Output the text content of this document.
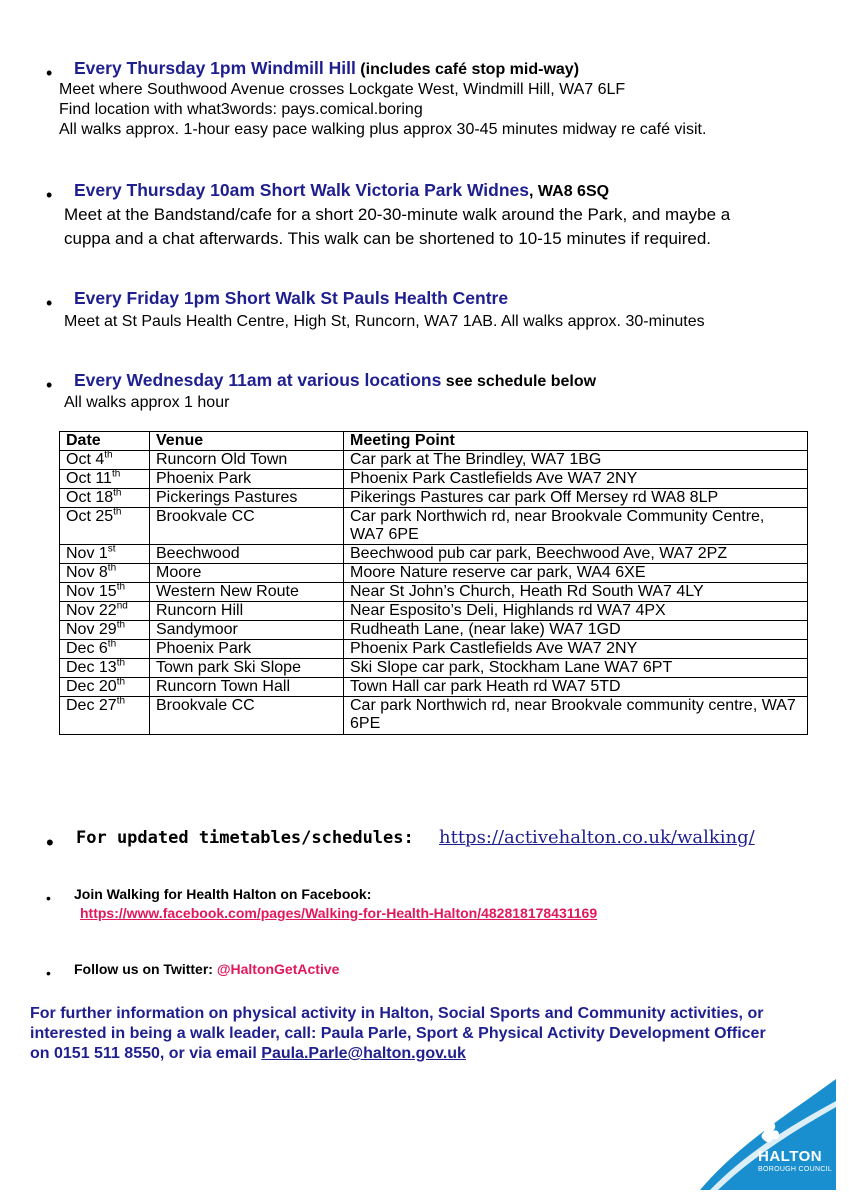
• Every Thursday 1pm Windmill Hill (includes café stop mid-way)
Meet where Southwood Avenue crosses Lockgate West, Windmill Hill, WA7 6LF
Find location with what3words: pays.comical.boring
All walks approx. 1-hour easy pace walking plus approx 30-45 minutes midway re café visit.
• Every Thursday 10am Short Walk Victoria Park Widnes, WA8 6SQ
Meet at the Bandstand/cafe for a short 20-30-minute walk around the Park, and maybe a
cuppa and a chat afterwards. This walk can be shortened to 10-15 minutes if required.
• Every Friday 1pm Short Walk St Pauls Health Centre
Meet at St Pauls Health Centre, High St, Runcorn, WA7 1AB. All walks approx. 30-minutes
• Every Wednesday 11am at various locations see schedule below
All walks approx 1 hour
Date	Venue	Meeting Point
Oct 4th	Runcorn Old Town	Car park at The Brindley, WA7 1BG
Oct 11th	Phoenix Park	Phoenix Park Castlefields Ave WA7 2NY
Oct 18th	Pickerings Pastures	Pikerings Pastures car park Off Mersey rd WA8 8LP
Oct 25th	Brookvale CC	Car park Northwich rd, near Brookvale Community Centre, WA7 6PE
Nov 1st	Beechwood	Beechwood pub car park, Beechwood Ave, WA7 2PZ
Nov 8th	Moore	Moore Nature reserve car park, WA4 6XE
Nov 15th	Western New Route	Near St John’s Church, Heath Rd South WA7 4LY
Nov 22nd	Runcorn Hill	Near Esposito’s Deli, Highlands rd WA7 4PX
Nov 29th	Sandymoor	Rudheath Lane, (near lake) WA7 1GD
Dec 6th	Phoenix Park	Phoenix Park Castlefields Ave WA7 2NY
Dec 13th	Town park Ski Slope	Ski Slope car park, Stockham Lane WA7 6PT
Dec 20th	Runcorn Town Hall	Town Hall car park Heath rd WA7 5TD
Dec 27th	Brookvale CC	Car park Northwich rd, near Brookvale community centre, WA7 6PE
• For updated timetables/schedules: https://activehalton.co.uk/walking/
• Join Walking for Health Halton on Facebook:
https://www.facebook.com/pages/Walking-for-Health-Halton/482818178431169
• Follow us on Twitter: @HaltonGetActive
For further information on physical activity in Halton, Social Sports and Community activities, or interested in being a walk leader, call: Paula Parle, Sport & Physical Activity Development Officer on 0151 511 8550, or via email Paula.Parle@halton.gov.uk
HALTON
BOROUGH COUNCIL
